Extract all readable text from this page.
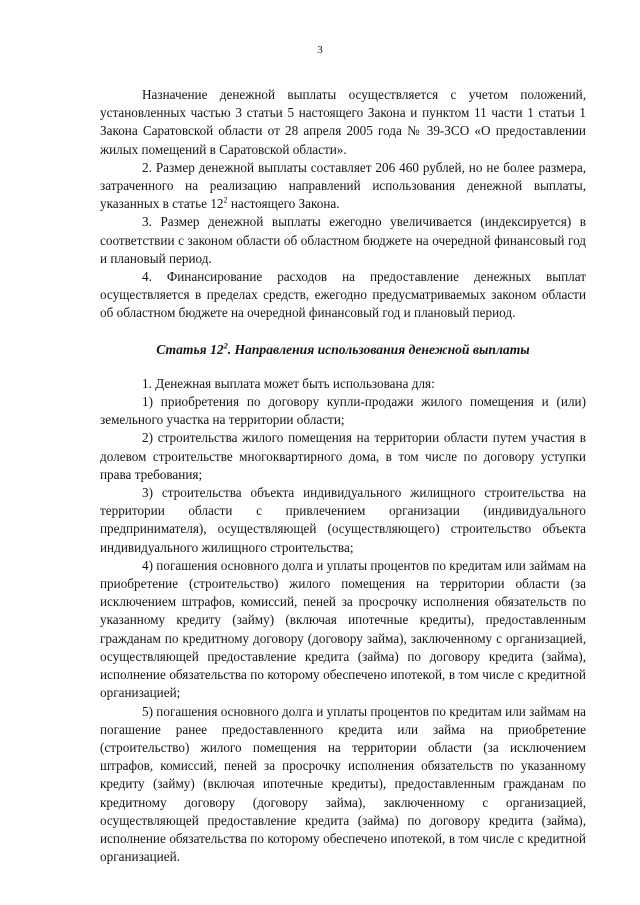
3

Назначение денежной выплаты осуществляется с учетом положений, установленных частью 3 статьи 5 настоящего Закона и пунктом 11 части 1 статьи 1 Закона Саратовской области от 28 апреля 2005 года № 39-ЗСО «О предоставлении жилых помещений в Саратовской области».

2. Размер денежной выплаты составляет 206 460 рублей, но не более размера, затраченного на реализацию направлений использования денежной выплаты, указанных в статье $12^2$ настоящего Закона.

3. Размер денежной выплаты ежегодно увеличивается (индексируется) в соответствии с законом области об областном бюджете на очередной финансовый год и плановый период.

4. Финансирование расходов на предоставление денежных выплат осуществляется в пределах средств, ежегодно предусматриваемых законом области об областном бюджете на очередной финансовый год и плановый период.

Статья $12^2$. Направления использования денежной выплаты

1. Денежная выплата может быть использована для:

1) приобретения по договору купли-продажи жилого помещения и (или) земельного участка на территории области;

2) строительства жилого помещения на территории области путем участия в долевом строительстве многоквартирного дома, в том числе по договору уступки права требования;

3) строительства объекта индивидуального жилищного строительства на территории области с привлечением организации (индивидуального предпринимателя), осуществляющей (осуществляющего) строительство объекта индивидуального жилищного строительства;

4) погашения основного долга и уплаты процентов по кредитам или займам на приобретение (строительство) жилого помещения на территории области (за исключением штрафов, комиссий, пеней за просрочку исполнения обязательств по указанному кредиту (займу) (включая ипотечные кредиты), предоставленным гражданам по кредитному договору (договору займа), заключенному с организацией, осуществляющей предоставление кредита (займа) по договору кредита (займа), исполнение обязательства по которому обеспечено ипотекой, в том числе с кредитной организацией;

5) погашения основного долга и уплаты процентов по кредитам или займам на погашение ранее предоставленного кредита или займа на приобретение (строительство) жилого помещения на территории области (за исключением штрафов, комиссий, пеней за просрочку исполнения обязательств по указанному кредиту (займу) (включая ипотечные кредиты), предоставленным гражданам по кредитному договору (договору займа), заключенному с организацией, осуществляющей предоставление кредита (займа) по договору кредита (займа), исполнение обязательства по которому обеспечено ипотекой, в том числе с кредитной организацией.
